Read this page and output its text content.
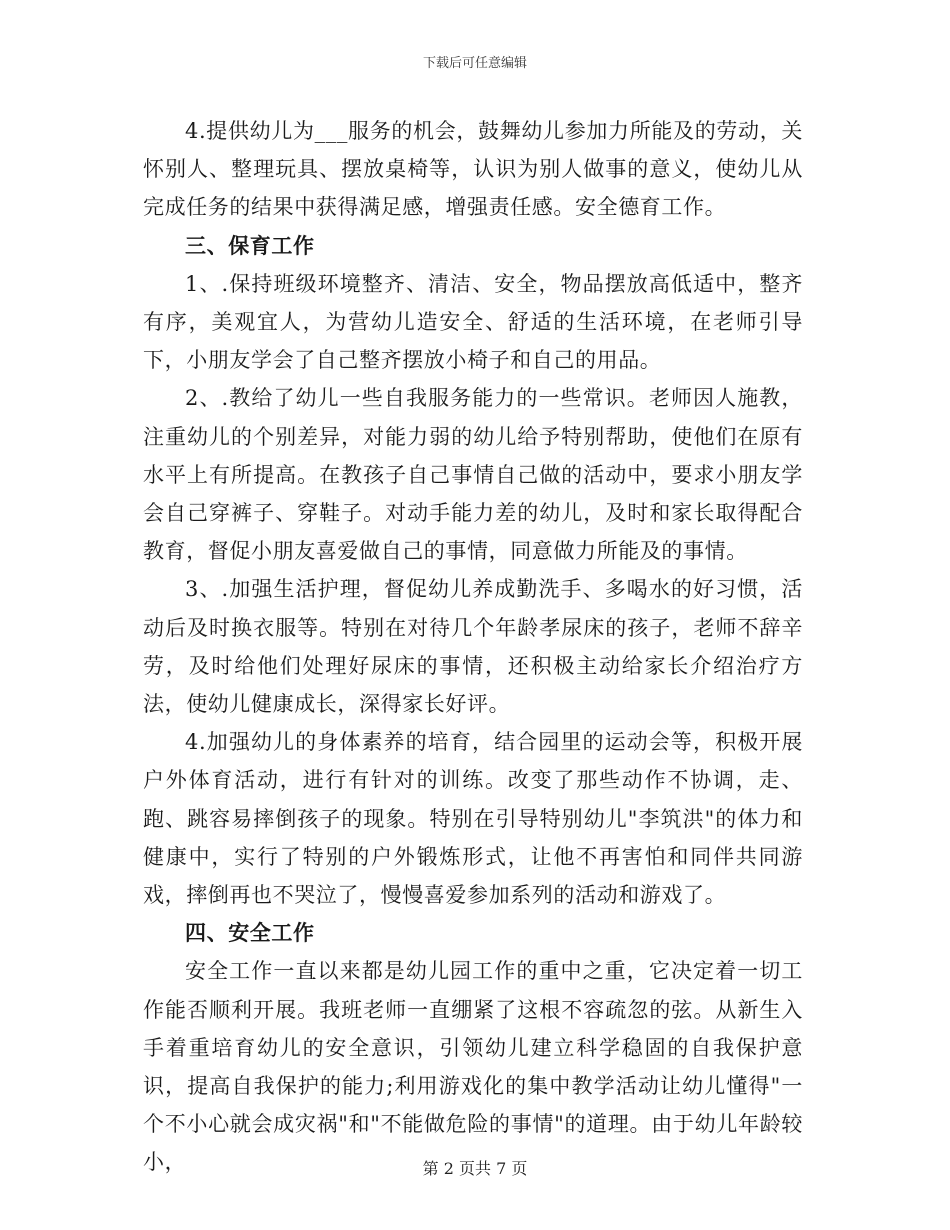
下载后可任意编辑

4.提供幼儿为___服务的机会，鼓舞幼儿参加力所能及的劳动，关怀别人、整理玩具、摆放桌椅等，认识为别人做事的意义，使幼儿从完成任务的结果中获得满足感，增强责任感。安全德育工作。

三、保育工作

1、.保持班级环境整齐、清洁、安全，物品摆放高低适中，整齐有序，美观宜人，为营幼儿造安全、舒适的生活环境，在老师引导下，小朋友学会了自己整齐摆放小椅子和自己的用品。

2、.教给了幼儿一些自我服务能力的一些常识。老师因人施教，注重幼儿的个别差异，对能力弱的幼儿给予特别帮助，使他们在原有水平上有所提高。在教孩子自己事情自己做的活动中，要求小朋友学会自己穿裤子、穿鞋子。对动手能力差的幼儿，及时和家长取得配合教育，督促小朋友喜爱做自己的事情，同意做力所能及的事情。

3、.加强生活护理，督促幼儿养成勤洗手、多喝水的好习惯，活动后及时换衣服等。特别在对待几个年龄孝尿床的孩子，老师不辞辛劳，及时给他们处理好尿床的事情，还积极主动给家长介绍治疗方法，使幼儿健康成长，深得家长好评。

4.加强幼儿的身体素养的培育，结合园里的运动会等，积极开展户外体育活动，进行有针对的训练。改变了那些动作不协调，走、跑、跳容易摔倒孩子的现象。特别在引导特别幼儿"李筑洪"的体力和健康中，实行了特别的户外锻炼形式，让他不再害怕和同伴共同游戏，摔倒再也不哭泣了，慢慢喜爱参加系列的活动和游戏了。

四、安全工作

安全工作一直以来都是幼儿园工作的重中之重，它决定着一切工作能否顺利开展。我班老师一直绷紧了这根不容疏忽的弦。从新生入手着重培育幼儿的安全意识，引领幼儿建立科学稳固的自我保护意识，提高自我保护的能力;利用游戏化的集中教学活动让幼儿懂得"一个不小心就会成灾祸"和"不能做危险的事情"的道理。由于幼儿年龄较小，	第 2 页共 7 页
